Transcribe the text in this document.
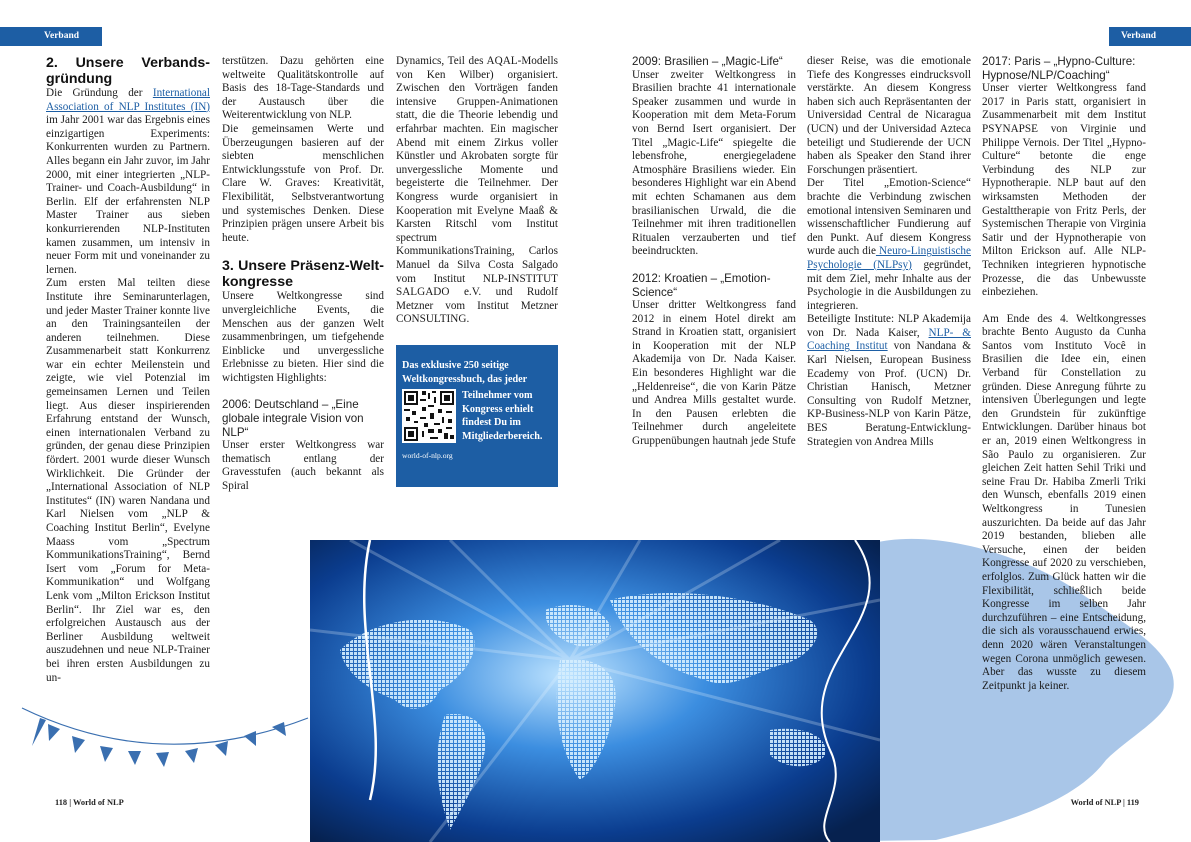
Verband

2. Unsere Verbands-gründung

Die Gründung der International Association of NLP Institutes (IN) im Jahr 2001 war das Ergebnis eines einzigartigen Experiments: Konkurrenten wurden zu Partnern. Alles begann ein Jahr zuvor, im Jahr 2000, mit einer integrierten „NLP-Trainer- und Coach-Ausbildung“ in Berlin. Elf der erfahrensten NLP Master Trainer aus sieben konkurrierenden NLP-Instituten kamen zusammen, um intensiv in neuer Form mit und voneinander zu lernen.

Zum ersten Mal teilten diese Institute ihre Seminarunterlagen, und jeder Master Trainer konnte live an den Trainingsanteilen der anderen teilnehmen. Diese Zusammenarbeit statt Konkurrenz war ein echter Meilenstein und zeigte, wie viel Potenzial im gemeinsamen Lernen und Teilen liegt. Aus dieser inspirierenden Erfahrung entstand der Wunsch, einen internationalen Verband zu gründen, der genau diese Prinzipien fördert. 2001 wurde dieser Wunsch Wirklichkeit. Die Gründer der „International Association of NLP Institutes“ (IN) waren Nandana und Karl Nielsen vom „NLP & Coaching Institut Berlin“, Evelyne Maass vom „Spectrum KommunikationsTraining“, Bernd Isert vom „Forum for Meta-Kommunikation“ und Wolfgang Lenk vom „Milton Erickson Institut Berlin“. Ihr Ziel war es, den erfolgreichen Austausch aus der Berliner Ausbildung weltweit auszudehnen und neue NLP-Trainer bei ihren ersten Ausbildungen zu un-

terstützen. Dazu gehörten eine weltweite Qualitätskontrolle auf Basis des 18-Tage-Standards und der Austausch über die Weiterentwicklung von NLP.

Die gemeinsamen Werte und Überzeugungen basieren auf der siebten menschlichen Entwicklungsstufe von Prof. Dr. Clare W. Graves: Kreativität, Flexibilität, Selbstverantwortung und systemisches Denken. Diese Prinzipien prägen unsere Arbeit bis heute.

3. Unsere Präsenz-Welt-kongresse

Unsere Weltkongresse sind unvergleichliche Events, die Menschen aus der ganzen Welt zusammenbringen, um tiefgehende Einblicke und unvergessliche Erlebnisse zu bieten. Hier sind die wichtigsten Highlights:

2006: Deutschland – „Eine globale integrale Vision von NLP“

Unser erster Weltkongress war thematisch entlang der Gravesstufen (auch bekannt als Spiral

Dynamics, Teil des AQAL-Modells von Ken Wilber) organisiert. Zwischen den Vorträgen fanden intensive Gruppen-Animationen statt, die die Theorie lebendig und erfahrbar machten. Ein magischer Abend mit einem Zirkus voller Künstler und Akrobaten sorgte für unvergessliche Momente und begeisterte die Teilnehmer. Der Kongress wurde organisiert in Kooperation mit Evelyne Maaß & Karsten Ritschl vom Institut spectrum KommunikationsTraining, Carlos Manuel da Silva Costa Salgado vom Institut NLP-INSTITUT SALGADO e.V. und Rudolf Metzner vom Institut Metzner CONSULTING.

Das exklusive 250 seitige Weltkongressbuch, das jeder
Teilnehmer vom Kongress erhielt findest Du im Mitgliederbereich.
world-of-nlp.org
118 | World of NLP
Verband

2009: Brasilien – „Magic-Life“

Unser zweiter Weltkongress in Brasilien brachte 41 internationale Speaker zusammen und wurde in Kooperation mit dem Meta-Forum von Bernd Isert organisiert. Der Titel „Magic-Life“ spiegelte die lebensfrohe, energiegeladene Atmosphäre Brasiliens wieder. Ein besonderes Highlight war ein Abend mit echten Schamanen aus dem brasilianischen Urwald, die die Teilnehmer mit ihren traditionellen Ritualen verzauberten und tief beeindruckten.

2012: Kroatien – „Emotion-Science“

Unser dritter Weltkongress fand 2012 in einem Hotel direkt am Strand in Kroatien statt, organisiert in Kooperation mit der NLP Akademija von Dr. Nada Kaiser. Ein besonderes Highlight war die „Heldenreise“, die von Karin Pätze und Andrea Mills gestaltet wurde. In den Pausen erlebten die Teilnehmer durch angeleitete Gruppenübungen hautnah jede Stufe

dieser Reise, was die emotionale Tiefe des Kongresses eindrucksvoll verstärkte. An diesem Kongress haben sich auch Repräsentanten der Universidad Central de Nicaragua (UCN) und der Universidad Azteca beteiligt und Studierende der UCN haben als Speaker den Stand ihrer Forschungen präsentiert.

Der Titel „Emotion-Science“ brachte die Verbindung zwischen emotional intensiven Seminaren und wissenschaftlicher Fundierung auf den Punkt. Auf diesem Kongress wurde auch die Neuro-Linguistische Psychologie (NLPsy) gegründet, mit dem Ziel, mehr Inhalte aus der Psychologie in die Ausbildungen zu integrieren.

Beteiligte Institute: NLP Akademija von Dr. Nada Kaiser, NLP- & Coaching Institut von Nandana & Karl Nielsen, European Business Ecademy von Prof. (UCN) Dr. Christian Hanisch, Metzner Consulting von Rudolf Metzner, KP-Business-NLP von Karin Pätze, BES Beratung-Entwicklung-Strategien von Andrea Mills

2017: Paris – „Hypno-Culture: Hypnose/NLP/Coaching“

Unser vierter Weltkongress fand 2017 in Paris statt, organisiert in Zusammenarbeit mit dem Institut PSYNAPSE von Virginie und Philippe Vernois. Der Titel „Hypno-Culture“ betonte die enge Verbindung des NLP zur Hypnotherapie. NLP baut auf den wirksamsten Methoden der Gestalttherapie von Fritz Perls, der Systemischen Therapie von Virginia Satir und der Hypnotherapie von Milton Erickson auf. Alle NLP-Techniken integrieren hypnotische Prozesse, die das Unbewusste einbeziehen.

Am Ende des 4. Weltkongresses brachte Bento Augusto da Cunha Santos vom Instituto Você in Brasilien die Idee ein, einen Verband für Constellation zu gründen. Diese Anregung führte zu intensiven Überlegungen und legte den Grundstein für zukünftige Entwicklungen. Darüber hinaus bot er an, 2019 einen Weltkongress in São Paulo zu organisieren. Zur gleichen Zeit hatten Sehil Triki und seine Frau Dr. Habiba Zmerli Triki den Wunsch, ebenfalls 2019 einen Weltkongress in Tunesien auszurichten. Da beide auf das Jahr 2019 bestanden, blieben alle Versuche, einen der beiden Kongresse auf 2020 zu verschieben, erfolglos. Zum Glück hatten wir die Flexibilität, schließlich beide Kongresse im selben Jahr durchzuführen – eine Entscheidung, die sich als vorausschauend erwies, denn 2020 wären Veranstaltungen wegen Corona unmöglich gewesen. Aber das wusste zu diesem Zeitpunkt ja keiner.

World of NLP | 119
